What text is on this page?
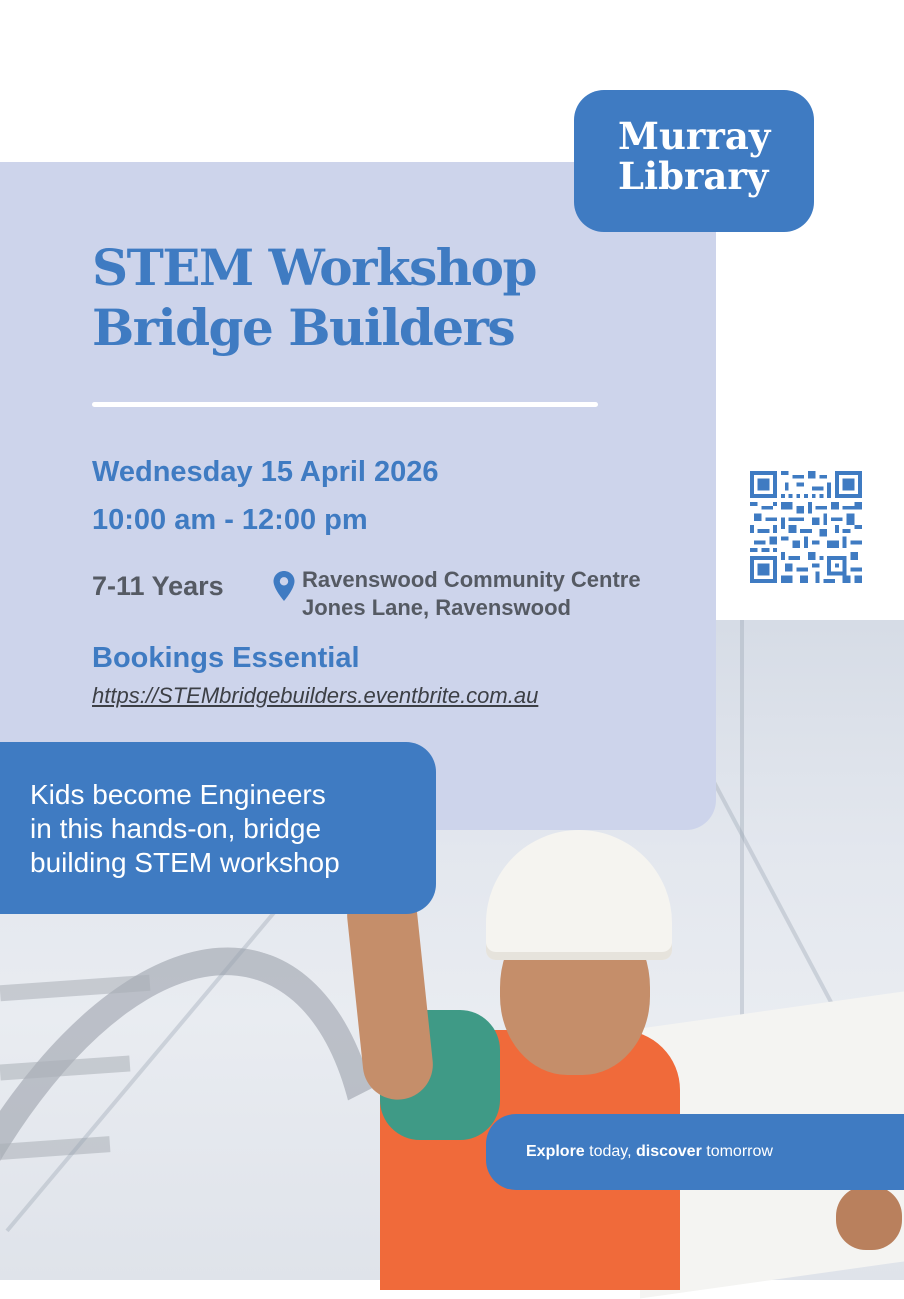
Murray
Library
STEM Workshop
Bridge Builders
Wednesday 15 April 2026
10:00 am - 12:00 pm
7-11 Years	Ravenswood Community Centre
Jones Lane, Ravenswood
Bookings Essential
https://STEMbridgebuilders.eventbrite.com.au
Kids become Engineers
in this hands-on, bridge
building STEM workshop
Explore today, discover tomorrow
